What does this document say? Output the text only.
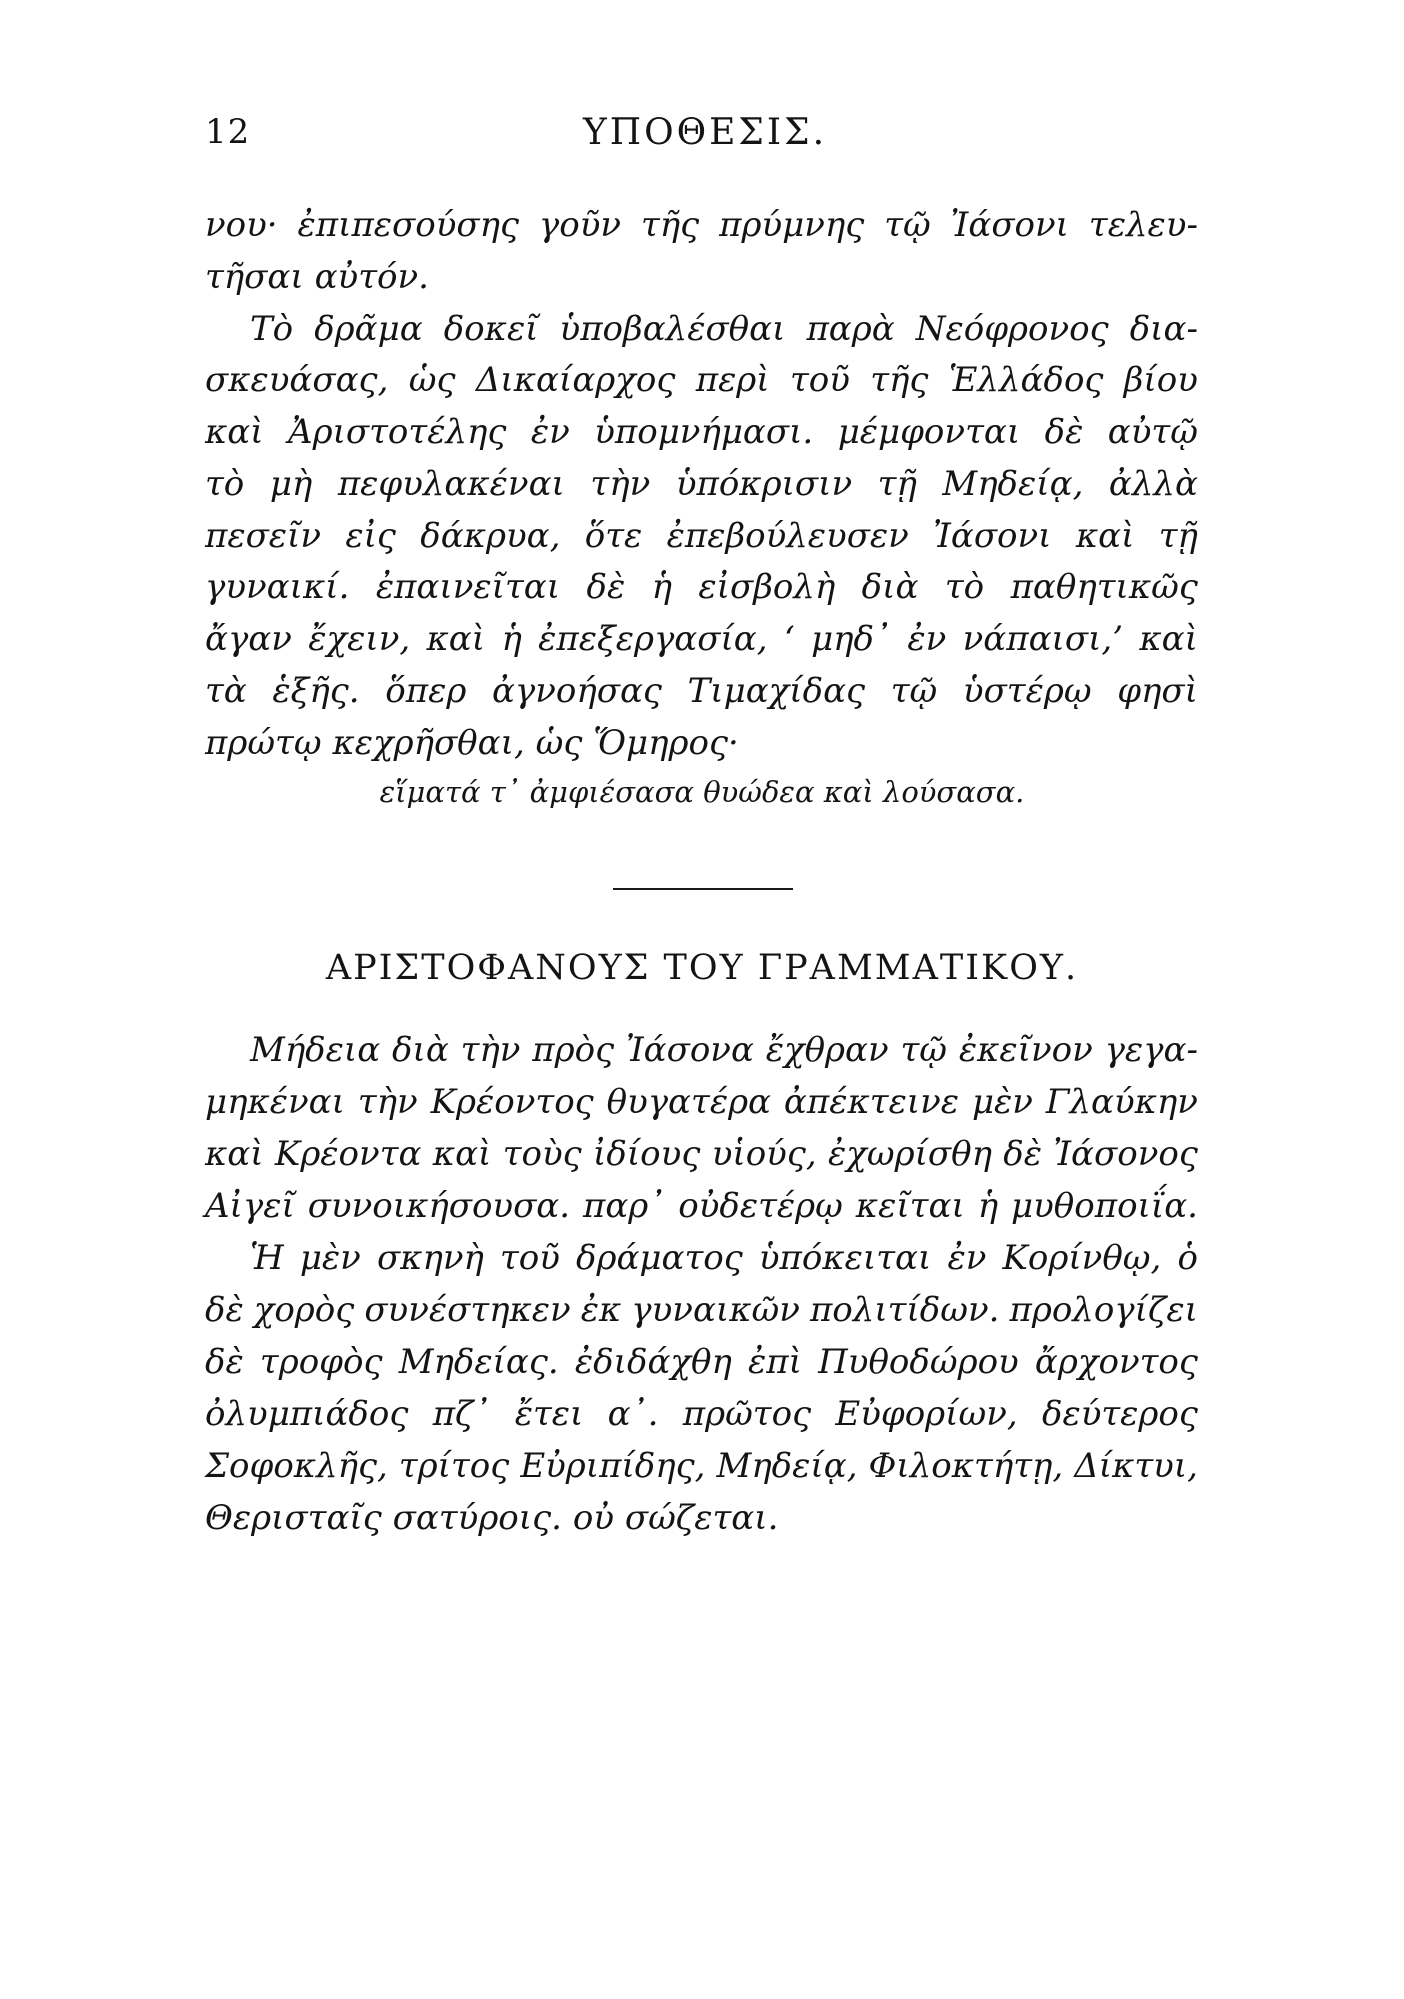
12	ΥΠΟΘΕΣΙΣ.
νου· ἐπιπεσούσης γοῦν τῆς πρύμνης τῷ Ἰάσονι τελευ-
τῆσαι αὐτόν.
Τὸ δρᾶμα δοκεῖ ὑποβαλέσθαι παρὰ Νεόφρονος δια-
σκευάσας, ὡς Δικαίαρχος περὶ τοῦ τῆς Ἑλλάδος βίου
καὶ Ἀριστοτέλης ἐν ὑπομνήμασι. μέμφονται δὲ αὐτῷ
τὸ μὴ πεφυλακέναι τὴν ὑπόκρισιν τῇ Μηδείᾳ, ἀλλὰ
πεσεῖν εἰς δάκρυα, ὅτε ἐπεβούλευσεν Ἰάσονι καὶ τῇ
γυναικί. ἐπαινεῖται δὲ ἡ εἰσβολὴ διὰ τὸ παθητικῶς
ἄγαν ἔχειν, καὶ ἡ ἐπεξεργασία, ‘ μηδ᾽ ἐν νάπαισι,’ καὶ
τὰ ἑξῆς. ὅπερ ἀγνοήσας Τιμαχίδας τῷ ὑστέρῳ φησὶ
πρώτῳ κεχρῆσθαι, ὡς Ὅμηρος·
εἵματά τ᾽ ἀμφιέσασα θυώδεα καὶ λούσασα.
ΑΡΙΣΤΟΦΑΝΟΥΣ ΤΟΥ ΓΡΑΜΜΑΤΙΚΟΥ.
Μήδεια διὰ τὴν πρὸς Ἰάσονα ἔχθραν τῷ ἐκεῖνον γεγα-
μηκέναι τὴν Κρέοντος θυγατέρα ἀπέκτεινε μὲν Γλαύκην
καὶ Κρέοντα καὶ τοὺς ἰδίους υἱούς, ἐχωρίσθη δὲ Ἰάσονος
Αἰγεῖ συνοικήσουσα. παρ᾽ οὐδετέρῳ κεῖται ἡ μυθοποιΐα.
Ἡ μὲν σκηνὴ τοῦ δράματος ὑπόκειται ἐν Κορίνθῳ, ὁ
δὲ χορὸς συνέστηκεν ἐκ γυναικῶν πολιτίδων. προλογίζει
δὲ τροφὸς Μηδείας. ἐδιδάχθη ἐπὶ Πυθοδώρου ἄρχοντος
ὀλυμπιάδος πζ᾽ ἔτει α᾽. πρῶτος Εὐφορίων, δεύτερος
Σοφοκλῆς, τρίτος Εὐριπίδης, Μηδείᾳ, Φιλοκτήτῃ, Δίκτυι,
Θερισταῖς σατύροις. οὐ σώζεται.
